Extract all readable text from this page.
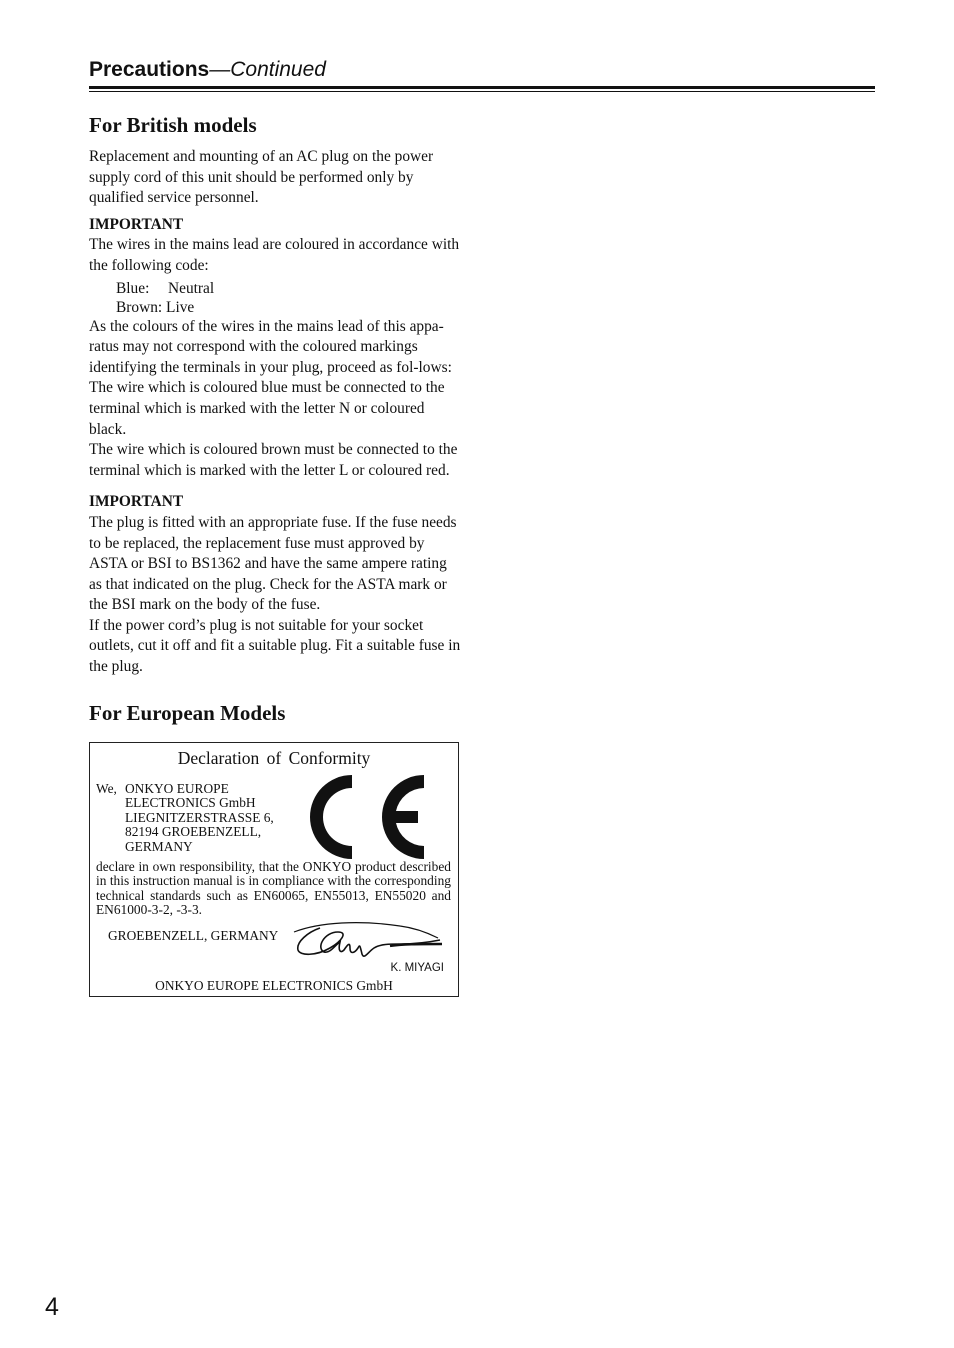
Precautions—Continued
For British models

Replacement and mounting of an AC plug on the power supply cord of this unit should be performed only by qualified service personnel.

IMPORTANT

The wires in the mains lead are coloured in accordance with the following code:

Blue: Neutral
Brown: Live

As the colours of the wires in the mains lead of this appa-ratus may not correspond with the coloured markings identifying the terminals in your plug, proceed as fol-lows:

The wire which is coloured blue must be connected to the terminal which is marked with the letter N or coloured black.

The wire which is coloured brown must be connected to the terminal which is marked with the letter L or coloured red.

IMPORTANT

The plug is fitted with an appropriate fuse. If the fuse needs to be replaced, the replacement fuse must approved by ASTA or BSI to BS1362 and have the same ampere rating as that indicated on the plug. Check for the ASTA mark or the BSI mark on the body of the fuse.

If the power cord’s plug is not suitable for your socket outlets, cut it off and fit a suitable plug. Fit a suitable fuse in the plug.

For European Models
Declaration of Conformity
We, ONKYO EUROPE
ELECTRONICS GmbH
LIEGNITZERSTRASSE 6,
82194 GROEBENZELL,
GERMANY
declare in own responsibility, that the ONKYO product described in this instruction manual is in compliance with the corresponding technical standards such as EN60065, EN55013, EN55020 and EN61000-3-2, -3-3.
GROEBENZELL, GERMANY
K. MIYAGI
ONKYO EUROPE ELECTRONICS GmbH
4
